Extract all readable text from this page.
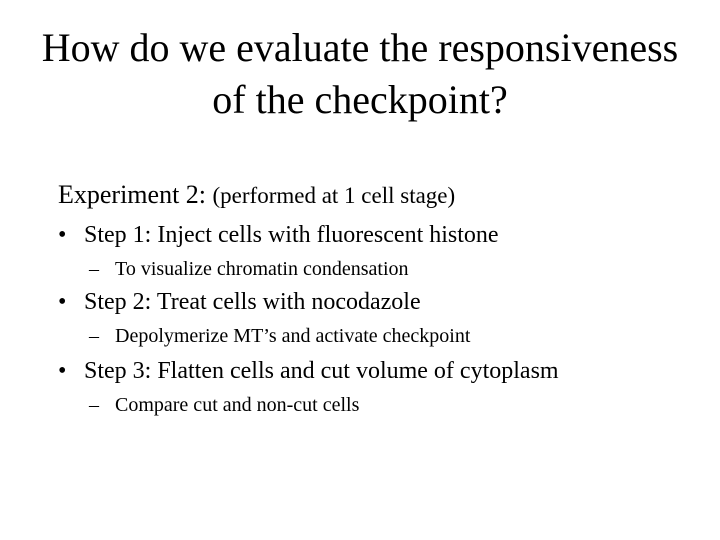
How do we evaluate the responsiveness
of the checkpoint?
Experiment 2: (performed at 1 cell stage)
• Step 1: Inject cells with fluorescent histone
– To visualize chromatin condensation
• Step 2: Treat cells with nocodazole
– Depolymerize MT’s and activate checkpoint
• Step 3: Flatten cells and cut volume of cytoplasm
– Compare cut and non-cut cells
